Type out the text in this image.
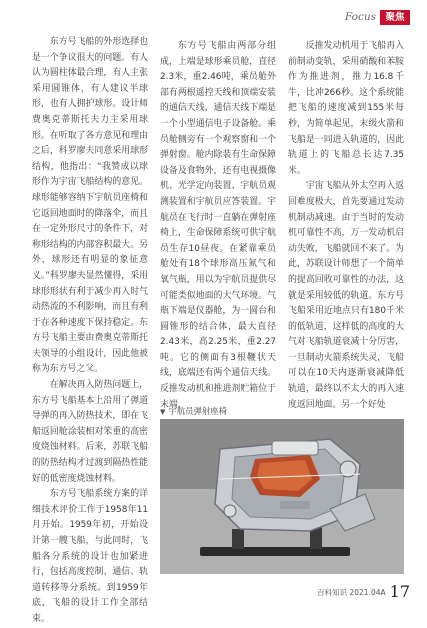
Focus 聚焦

东方号飞船的外形选择也是一个争议很大的问题。有人认为圆柱体最合理，有人主张采用圆锥体，有人建议半球形，也有人拥护球形。设计师费奥克蒂斯托夫力主采用球形。在听取了各方意见和理由之后，科罗廖夫同意采用球形结构，他指出：“我赞成以球形作为宇宙飞船结构的意见。球形能够容纳下宇航员座椅和它返回地面时的降落伞，而且在一定外形尺寸的条件下，对称形结构的内部容积最大。另外，球形还有明显的象征意义。”科罗廖夫显然懂得，采用球形形状有利于减少再入时气动热流的不利影响，而且有利于在各种速度下保持稳定。东方号飞船主要由费奥克蒂斯托夫领导的小组设计，因此他被称为东方号之父。

在解决再入防热问题上，东方号飞船基本上沿用了弹道导弹的再入防热技术，即在飞船返回舱涂装相对笨重的高密度烧蚀材料。后来，苏联飞船的防热结构才过渡到隔热性能好的低密度烧蚀材料。

东方号飞船系统方案的详细技术评价工作于1958年11月开始。1959年初，开始设计第一艘飞船，与此同时，飞船各分系统的设计也加紧进行，包括高度控制、通信、轨道转移等分系统。到1959年底，飞船的设计工作全部结束。

东方号飞船由两部分组成，上端是球形乘员舱，直径2.3米，重2.46吨，乘员舱外部有两根遥控天线和顶端安装的通信天线，通信天线下端是一个小型通信电子设备舱。乘员舱侧旁有一个观察窗和一个弹射窗。舱内除装有生命保障设备及食物外，还有电视摄像机、光学定向装置、宇航员观测装置和宇航员应答装置。宇航员在飞行时一直躺在弹射座椅上，生命保障系统可供宇航员生存10昼夜。在紧靠乘员舱处有18个球形高压氮气和氧气瓶，用以为宇航员提供尽可能类似地面的大气环境。气瓶下端是仪器舱，为一圆台和圆锥形的结合体，最大直径2.43米，高2.25米，重2.27吨。它的侧面有3根鞭状天线，底端还有两个通信天线。反推发动机和推进剂贮箱位于末端，

反推发动机用于飞船再入前制动变轨，采用硝酸和苯胺作为推进剂，推力16.8千牛，比冲266秒。这个系统能把飞船的速度减到155米每秒，为简单起见，末级火箭和飞船是一同进入轨道的，因此轨道上的飞船总长达7.35米。

宇宙飞船从外太空再入返回难度极大，首先要通过发动机制动减速。由于当时的发动机可靠性不高，万一发动机启动失败，飞船就回不来了。为此，苏联设计师想了一个简单的提高回收可靠性的办法，这就是采用较低的轨道。东方号飞船采用近地点只有180千米的低轨道，这样低的高度的大气对飞船轨道衰减十分厉害，一旦制动火箭系统失灵，飞船可以在10天内逐渐衰减降低轨道，最终以不太大的再入速度返回地面。另一个好处

▼ 宇航员弹射座椅
百科知识 2021.04A 17
